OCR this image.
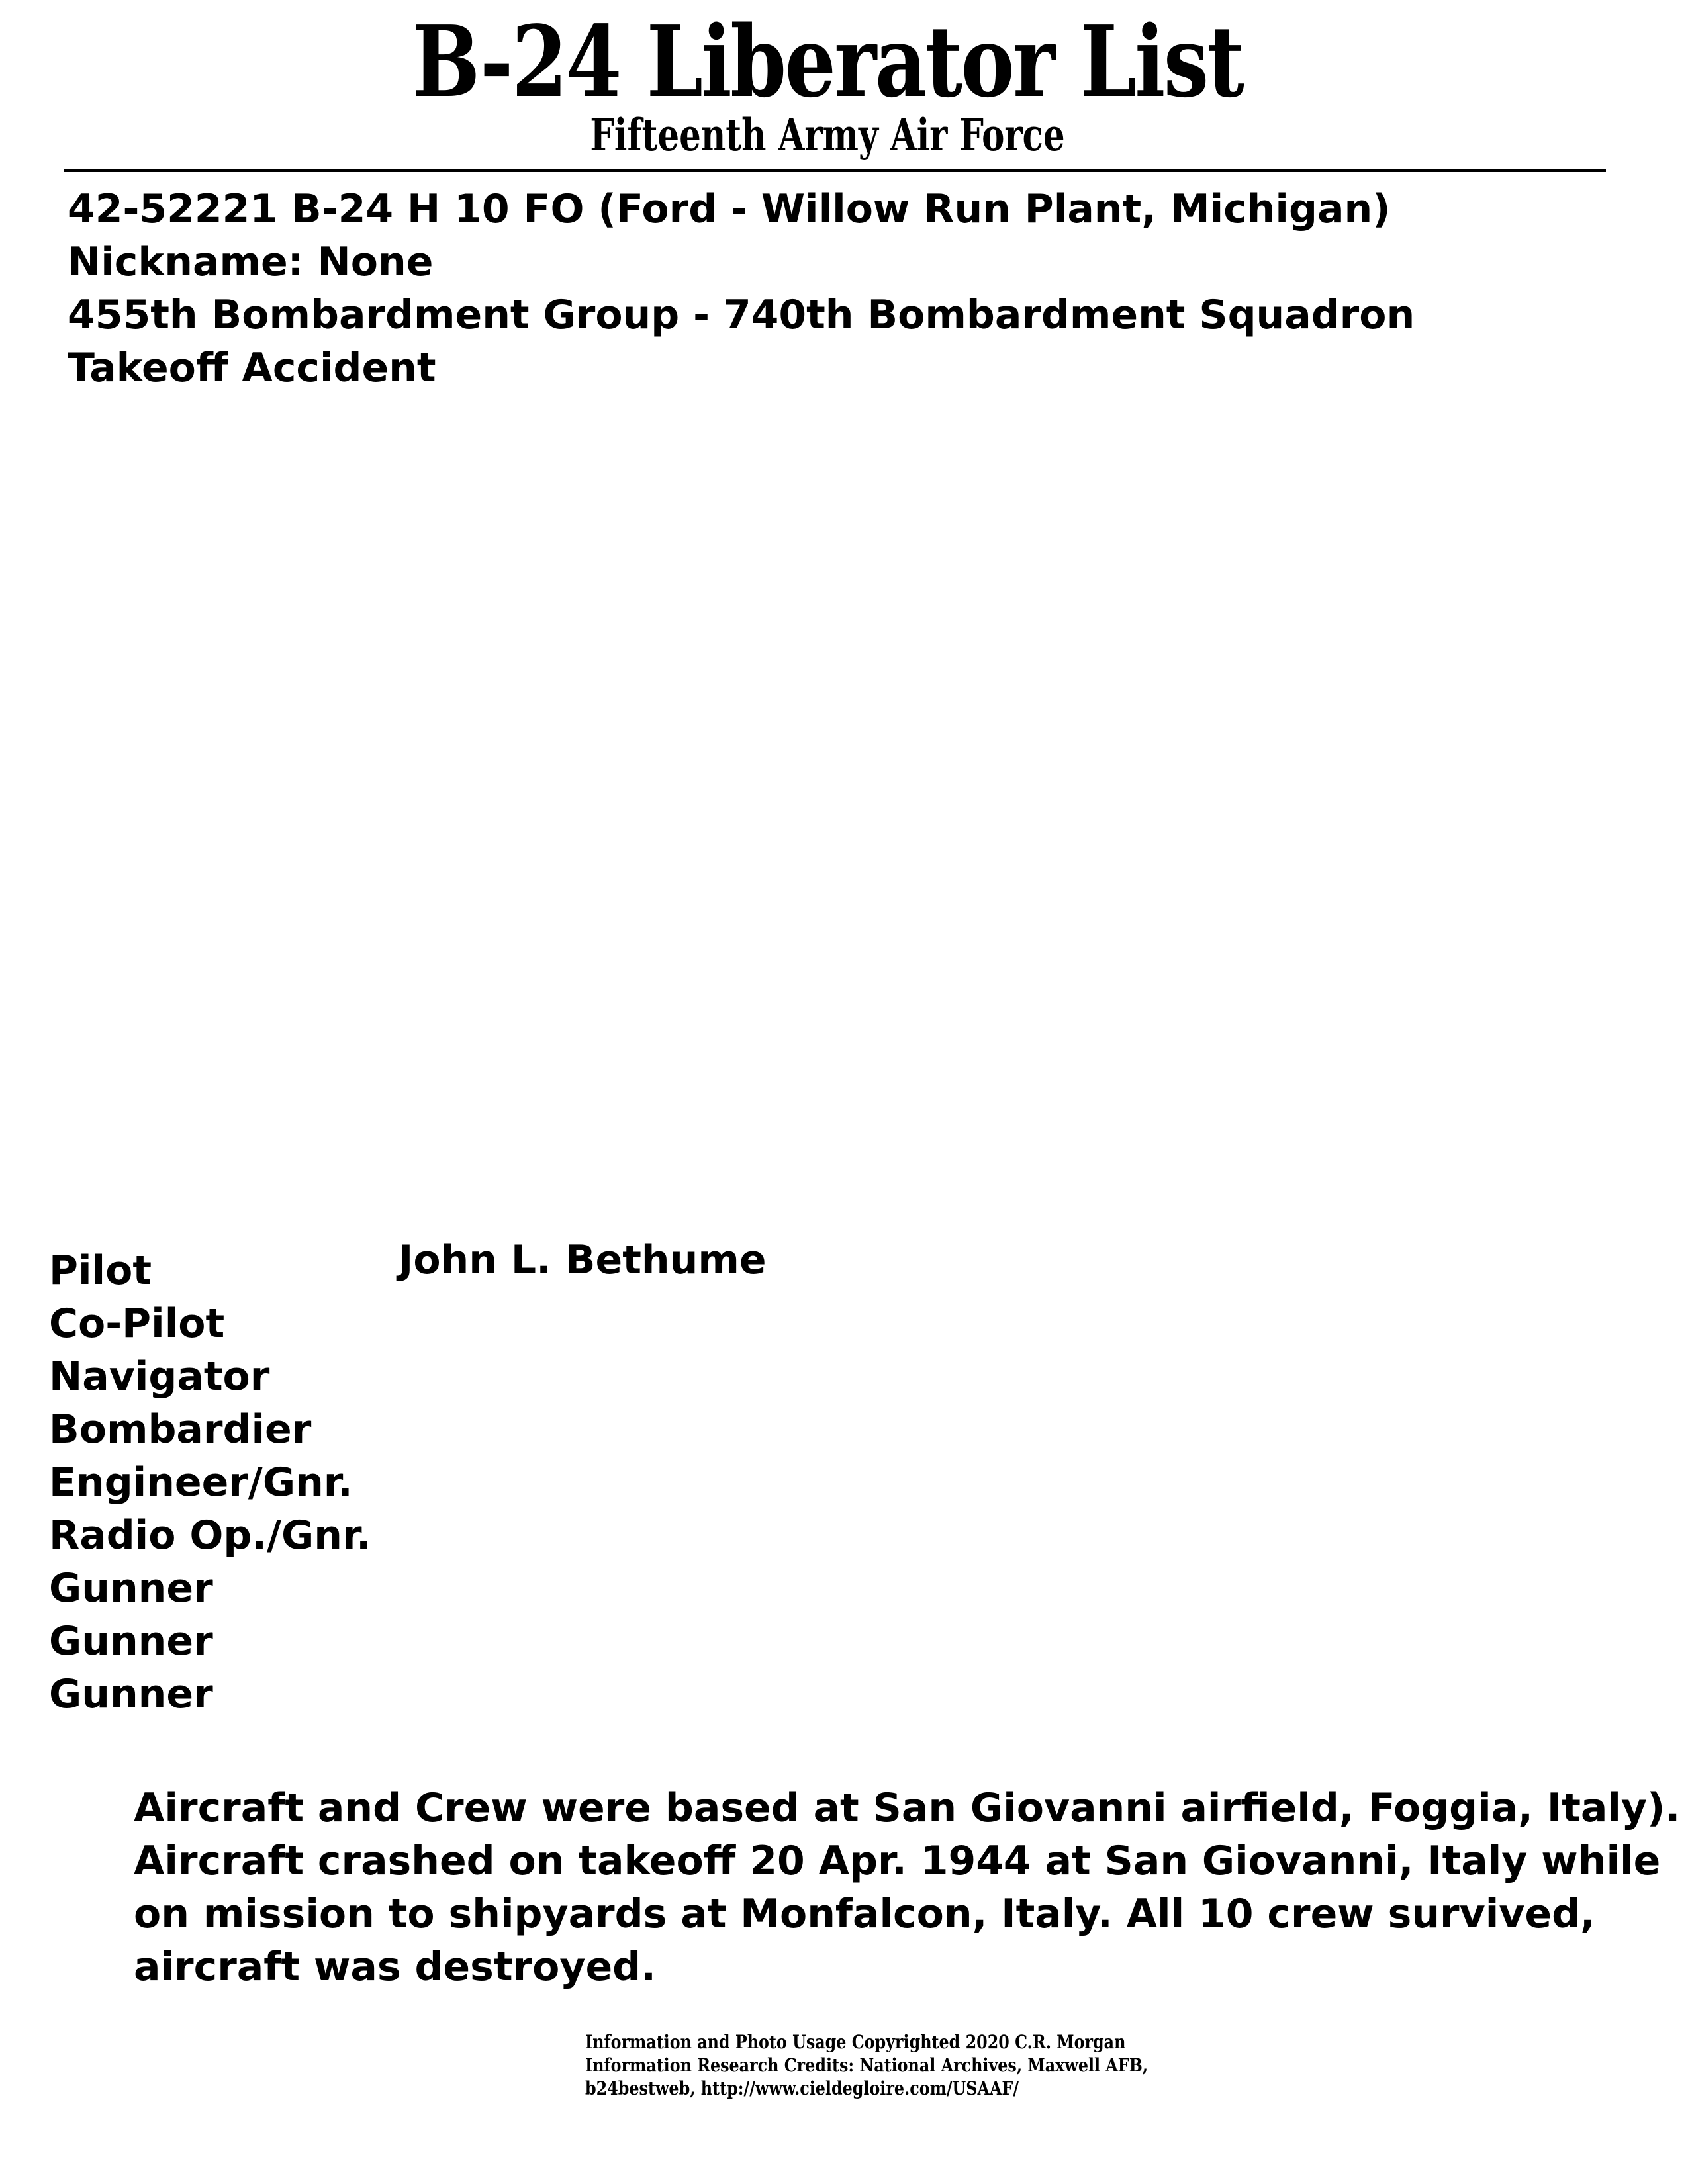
B-24 Liberator List
Fifteenth Army Air Force
42-52221 B-24 H 10 FO (Ford - Willow Run Plant, Michigan)
Nickname: None
455th Bombardment Group - 740th Bombardment Squadron
Takeoff Accident
Pilot
Co-Pilot
Navigator
Bombardier
Engineer/Gnr.
Radio Op./Gnr.
Gunner
Gunner
Gunner
John L. Bethume
Aircraft and Crew were based at San Giovanni airfield, Foggia, Italy).
Aircraft crashed on takeoff 20 Apr. 1944 at San Giovanni, Italy while
on mission to shipyards at Monfalcon, Italy. All 10 crew survived,
aircraft was destroyed.
Information and Photo Usage Copyrighted 2020 C.R. Morgan
Information Research Credits: National Archives, Maxwell AFB,
b24bestweb, http://www.cieldegloire.com/USAAF/
